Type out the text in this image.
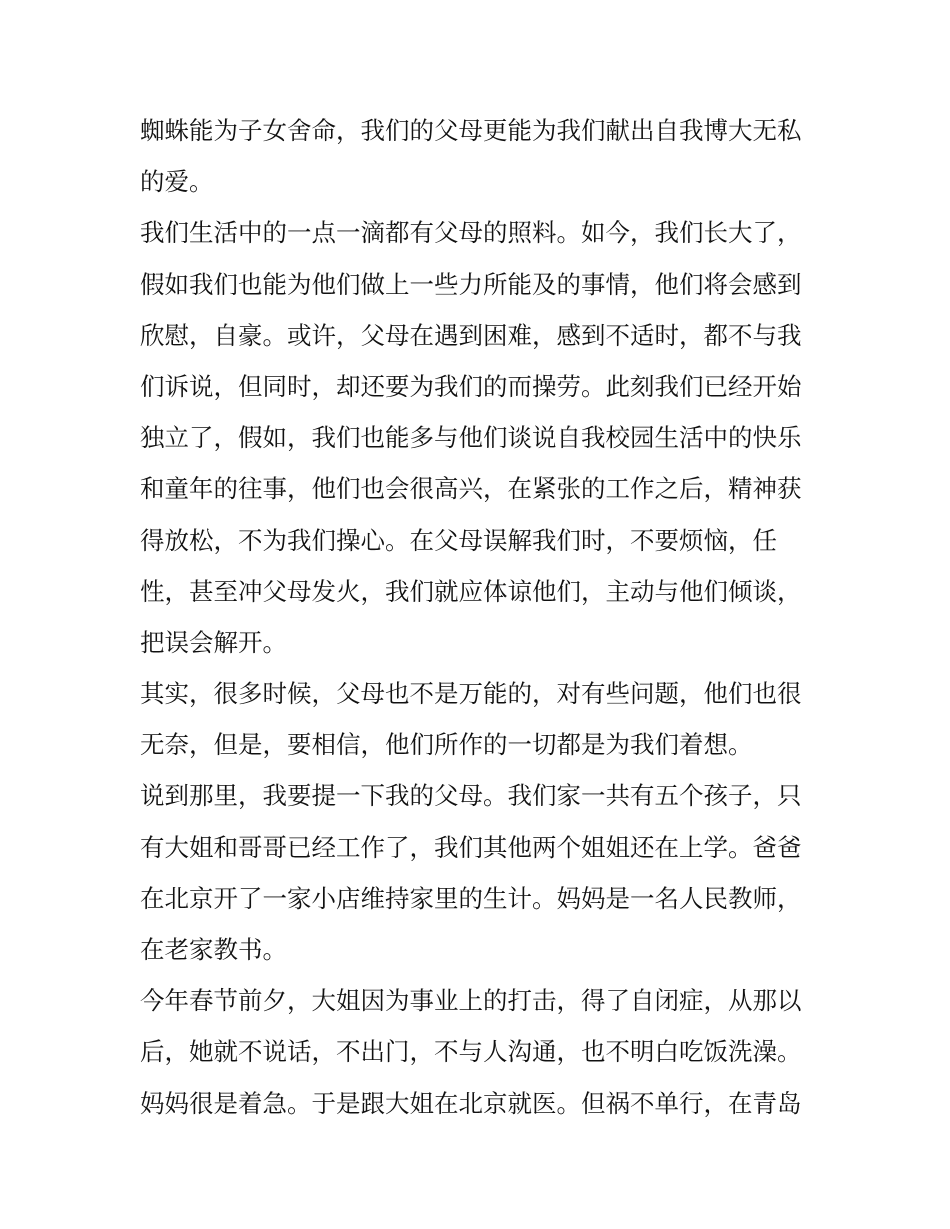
蜘蛛能为子女舍命，我们的父母更能为我们献出自我博大无私
的爱。
我们生活中的一点一滴都有父母的照料。如今，我们长大了，
假如我们也能为他们做上一些力所能及的事情，他们将会感到
欣慰，自豪。或许，父母在遇到困难，感到不适时，都不与我
们诉说，但同时，却还要为我们的而操劳。此刻我们已经开始
独立了，假如，我们也能多与他们谈说自我校园生活中的快乐
和童年的往事，他们也会很高兴，在紧张的工作之后，精神获
得放松，不为我们操心。在父母误解我们时，不要烦恼，任
性，甚至冲父母发火，我们就应体谅他们，主动与他们倾谈，
把误会解开。
其实，很多时候，父母也不是万能的，对有些问题，他们也很
无奈，但是，要相信，他们所作的一切都是为我们着想。
说到那里，我要提一下我的父母。我们家一共有五个孩子，只
有大姐和哥哥已经工作了，我们其他两个姐姐还在上学。爸爸
在北京开了一家小店维持家里的生计。妈妈是一名人民教师，
在老家教书。
今年春节前夕，大姐因为事业上的打击，得了自闭症，从那以
后，她就不说话，不出门，不与人沟通，也不明白吃饭洗澡。
妈妈很是着急。于是跟大姐在北京就医。但祸不单行，在青岛
